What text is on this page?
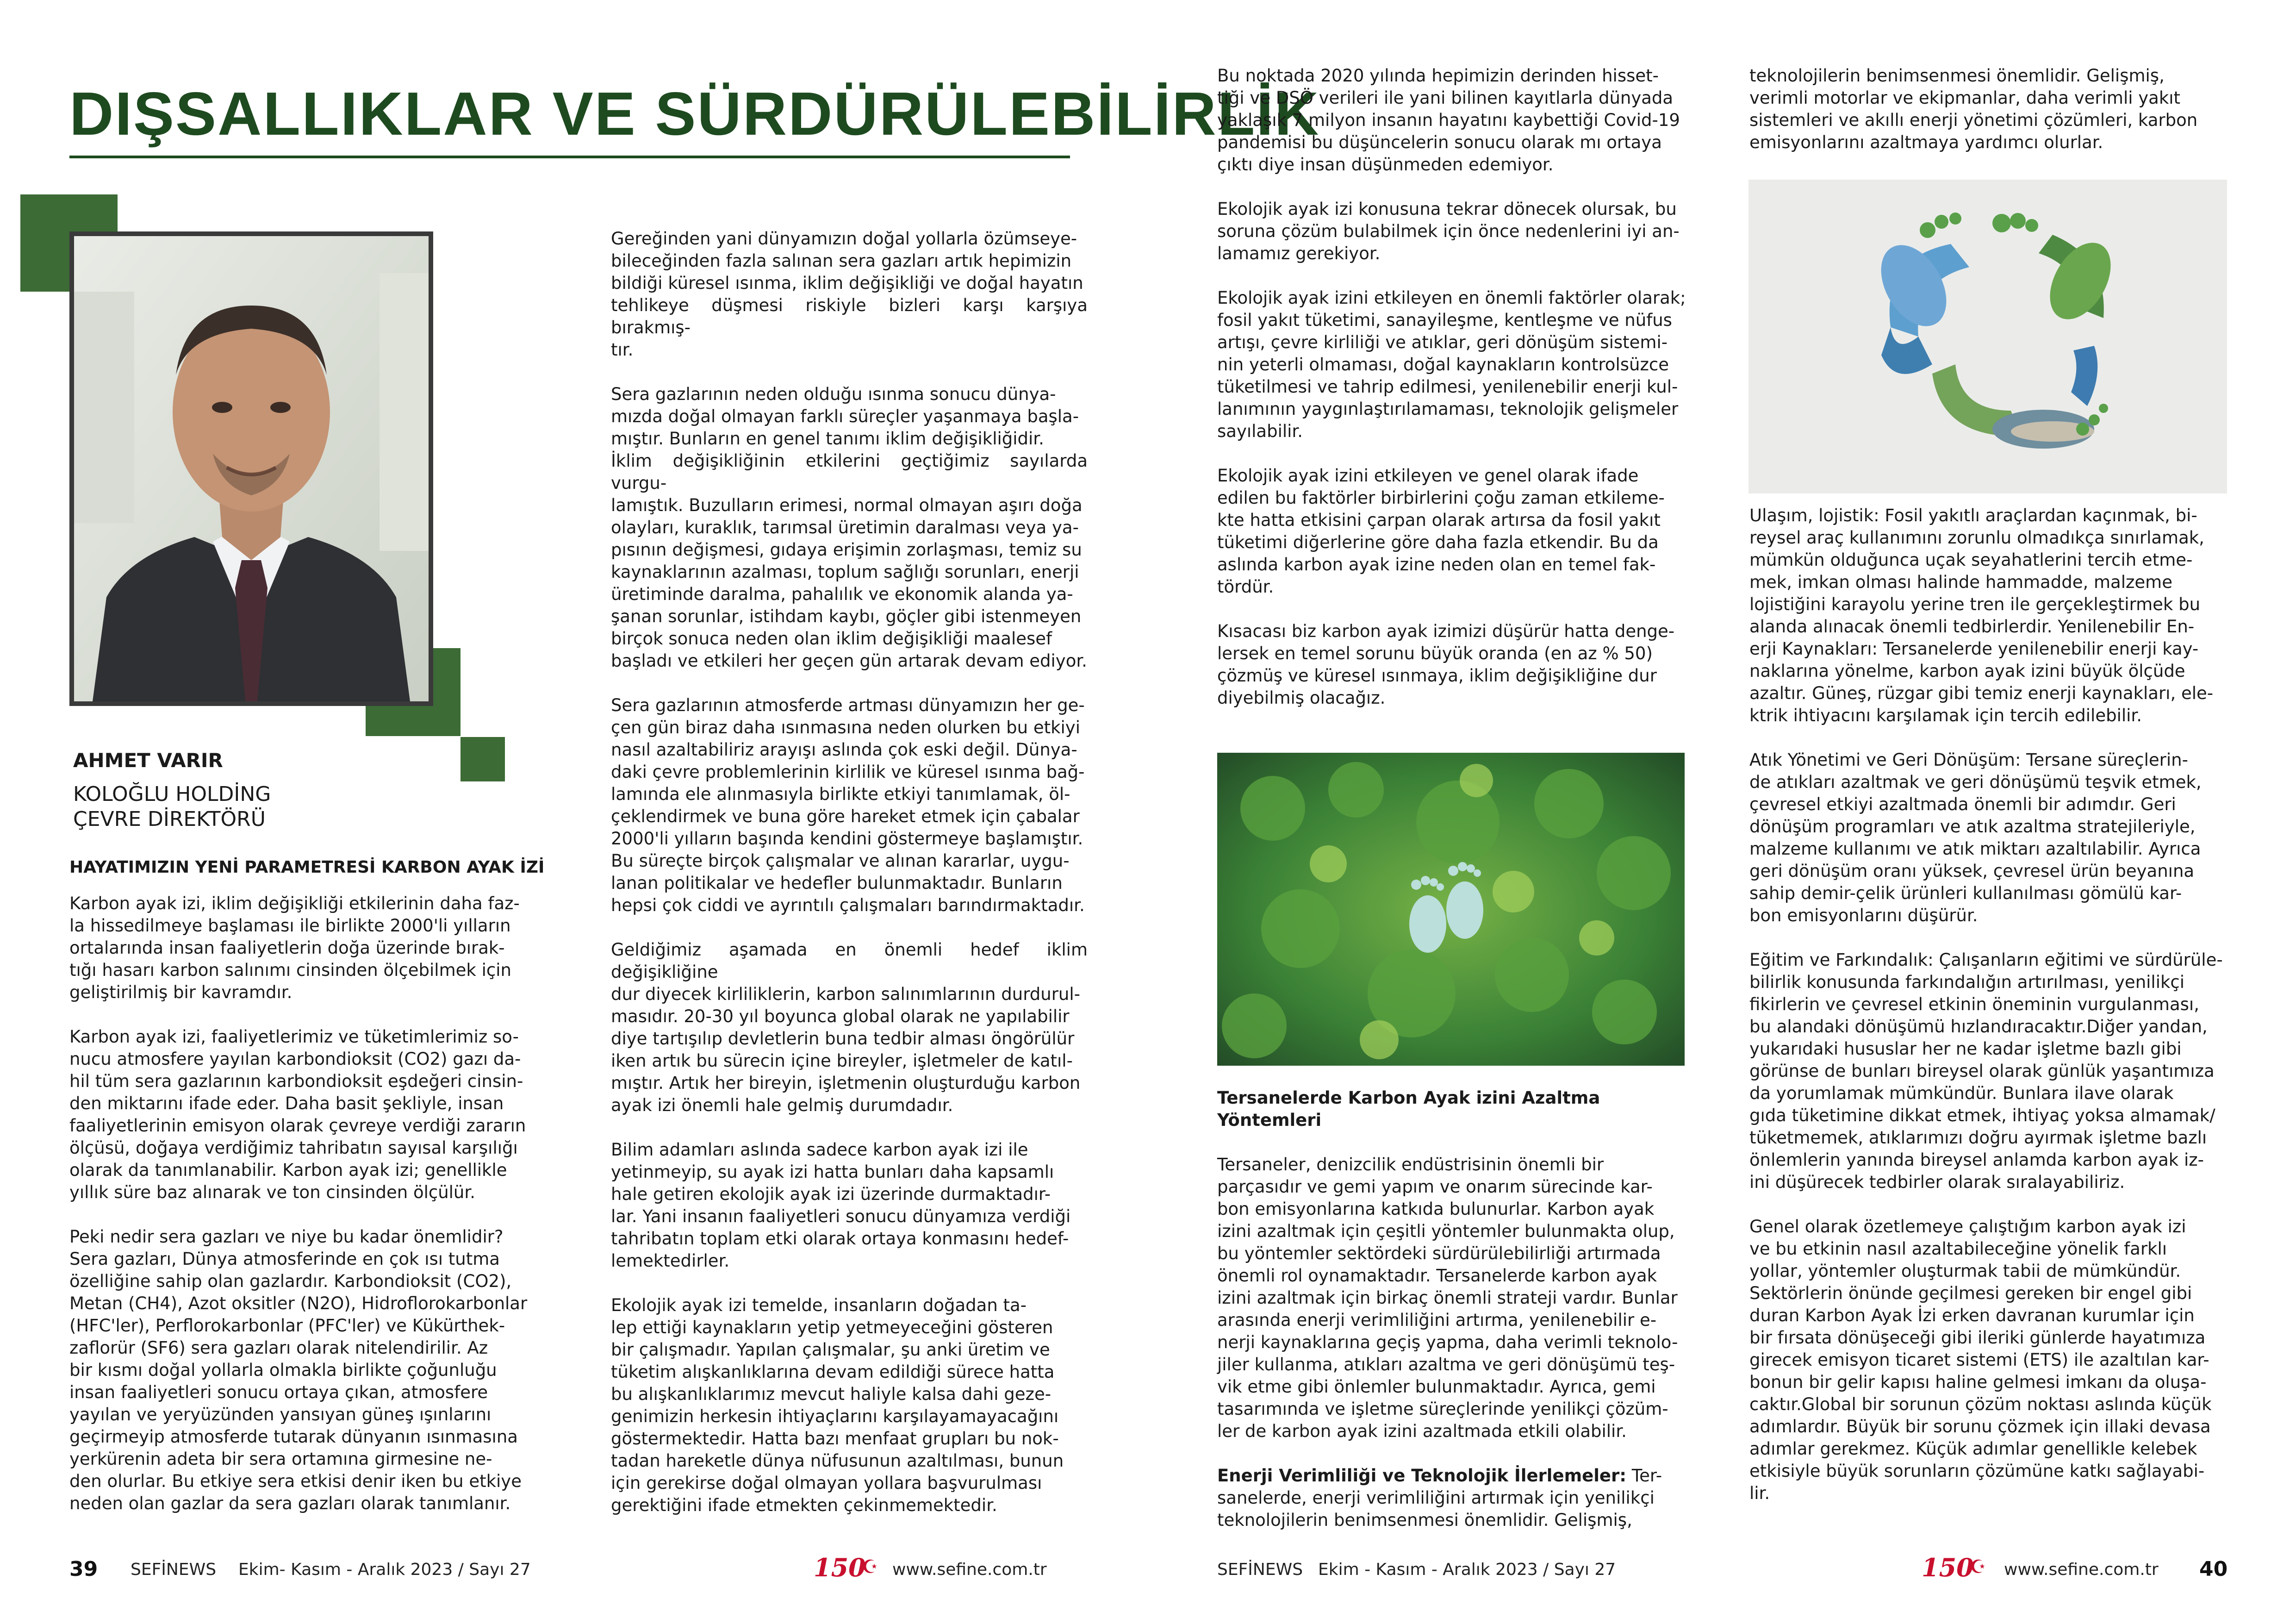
DIŞSALLIKLAR VE SÜRDÜRÜLEBİLİRLİK
AHMET VARIR
KOLOĞLU HOLDİNG
ÇEVRE DİREKTÖRÜ

HAYATIMIZIN YENİ PARAMETRESİ KARBON AYAK İZİ

Karbon ayak izi, iklim değişikliği etkilerinin daha faz-
la hissedilmeye başlaması ile birlikte 2000'li yılların
ortalarında insan faaliyetlerin doğa üzerinde bırak-
tığı hasarı karbon salınımı cinsinden ölçebilmek için
geliştirilmiş bir kavramdır.

Karbon ayak izi, faaliyetlerimiz ve tüketimlerimiz so-
nucu atmosfere yayılan karbondioksit (CO2) gazı da-
hil tüm sera gazlarının karbondioksit eşdeğeri cinsin-
den miktarını ifade eder. Daha basit şekliyle, insan
faaliyetlerinin emisyon olarak çevreye verdiği zararın
ölçüsü, doğaya verdiğimiz tahribatın sayısal karşılığı
olarak da tanımlanabilir. Karbon ayak izi; genellikle
yıllık süre baz alınarak ve ton cinsinden ölçülür.

Peki nedir sera gazları ve niye bu kadar önemlidir?
Sera gazları, Dünya atmosferinde en çok ısı tutma
özelliğine sahip olan gazlardır. Karbondioksit (CO2),
Metan (CH4), Azot oksitler (N2O), Hidroflorokarbonlar
(HFC'ler), Perflorokarbonlar (PFC'ler) ve Kükürthek-
zaflorür (SF6) sera gazları olarak nitelendirilir. Az
bir kısmı doğal yollarla olmakla birlikte çoğunluğu
insan faaliyetleri sonucu ortaya çıkan, atmosfere
yayılan ve yeryüzünden yansıyan güneş ışınlarını
geçirmeyip atmosferde tutarak dünyanın ısınmasına
yerkürenin adeta bir sera ortamına girmesine ne-
den olurlar. Bu etkiye sera etkisi denir iken bu etkiye
neden olan gazlar da sera gazları olarak tanımlanır.

Gereğinden yani dünyamızın doğal yollarla özümseye-
bileceğinden fazla salınan sera gazları artık hepimizin
bildiği küresel ısınma, iklim değişikliği ve doğal hayatın
tehlikeye düşmesi riskiyle bizleri karşı karşıya bırakmış-
tır.

Sera gazlarının neden olduğu ısınma sonucu dünya-
mızda doğal olmayan farklı süreçler yaşanmaya başla-
mıştır. Bunların en genel tanımı iklim değişikliğidir.
İklim değişikliğinin etkilerini geçtiğimiz sayılarda vurgu-
lamıştık. Buzulların erimesi, normal olmayan aşırı doğa
olayları, kuraklık, tarımsal üretimin daralması veya ya-
pısının değişmesi, gıdaya erişimin zorlaşması, temiz su
kaynaklarının azalması, toplum sağlığı sorunları, enerji
üretiminde daralma, pahalılık ve ekonomik alanda ya-
şanan sorunlar, istihdam kaybı, göçler gibi istenmeyen
birçok sonuca neden olan iklim değişikliği maalesef
başladı ve etkileri her geçen gün artarak devam ediyor.

Sera gazlarının atmosferde artması dünyamızın her ge-
çen gün biraz daha ısınmasına neden olurken bu etkiyi
nasıl azaltabiliriz arayışı aslında çok eski değil. Dünya-
daki çevre problemlerinin kirlilik ve küresel ısınma bağ-
lamında ele alınmasıyla birlikte etkiyi tanımlamak, öl-
çeklendirmek ve buna göre hareket etmek için çabalar
2000'li yılların başında kendini göstermeye başlamıştır.
Bu süreçte birçok çalışmalar ve alınan kararlar, uygu-
lanan politikalar ve hedefler bulunmaktadır. Bunların
hepsi çok ciddi ve ayrıntılı çalışmaları barındırmaktadır.

Geldiğimiz aşamada en önemli hedef iklim değişikliğine
dur diyecek kirliliklerin, karbon salınımlarının durdurul-
masıdır. 20-30 yıl boyunca global olarak ne yapılabilir
diye tartışılıp devletlerin buna tedbir alması öngörülür
iken artık bu sürecin içine bireyler, işletmeler de katıl-
mıştır. Artık her bireyin, işletmenin oluşturduğu karbon
ayak izi önemli hale gelmiş durumdadır.

Bilim adamları aslında sadece karbon ayak izi ile
yetinmeyip, su ayak izi hatta bunları daha kapsamlı
hale getiren ekolojik ayak izi üzerinde durmaktadır-
lar. Yani insanın faaliyetleri sonucu dünyamıza verdiği
tahribatın toplam etki olarak ortaya konmasını hedef-
lemektedirler.

Ekolojik ayak izi temelde, insanların doğadan ta-
lep ettiği kaynakların yetip yetmeyeceğini gösteren
bir çalışmadır. Yapılan çalışmalar, şu anki üretim ve
tüketim alışkanlıklarına devam edildiği sürece hatta
bu alışkanlıklarımız mevcut haliyle kalsa dahi geze-
genimizin herkesin ihtiyaçlarını karşılayamayacağını
göstermektedir. Hatta bazı menfaat grupları bu nok-
tadan hareketle dünya nüfusunun azaltılması, bunun
için gerekirse doğal olmayan yollara başvurulması
gerektiğini ifade etmekten çekinmemektedir.

39 SEFİNEWS Ekim- Kasım - Aralık 2023 / Sayı 27	150
☪ www.sefine.com.tr

Bu noktada 2020 yılında hepimizin derinden hisset-
tiği ve DSÖ verileri ile yani bilinen kayıtlarla dünyada
yaklaşık 7 milyon insanın hayatını kaybettiği Covid-19
pandemisi bu düşüncelerin sonucu olarak mı ortaya
çıktı diye insan düşünmeden edemiyor.

Ekolojik ayak izi konusuna tekrar dönecek olursak, bu
soruna çözüm bulabilmek için önce nedenlerini iyi an-
lamamız gerekiyor.

Ekolojik ayak izini etkileyen en önemli faktörler olarak;
fosil yakıt tüketimi, sanayileşme, kentleşme ve nüfus
artışı, çevre kirliliği ve atıklar, geri dönüşüm sistemi-
nin yeterli olmaması, doğal kaynakların kontrolsüzce
tüketilmesi ve tahrip edilmesi, yenilenebilir enerji kul-
lanımının yaygınlaştırılamaması, teknolojik gelişmeler
sayılabilir.

Ekolojik ayak izini etkileyen ve genel olarak ifade
edilen bu faktörler birbirlerini çoğu zaman etkileme-
kte hatta etkisini çarpan olarak artırsa da fosil yakıt
tüketimi diğerlerine göre daha fazla etkendir. Bu da
aslında karbon ayak izine neden olan en temel fak-
tördür.

Kısacası biz karbon ayak izimizi düşürür hatta denge-
lersek en temel sorunu büyük oranda (en az % 50)
çözmüş ve küresel ısınmaya, iklim değişikliğine dur
diyebilmiş olacağız.

Tersanelerde Karbon Ayak izini Azaltma
Yöntemleri

Tersaneler, denizcilik endüstrisinin önemli bir
parçasıdır ve gemi yapım ve onarım sürecinde kar-
bon emisyonlarına katkıda bulunurlar. Karbon ayak
izini azaltmak için çeşitli yöntemler bulunmakta olup,
bu yöntemler sektördeki sürdürülebilirliği artırmada
önemli rol oynamaktadır. Tersanelerde karbon ayak
izini azaltmak için birkaç önemli strateji vardır. Bunlar
arasında enerji verimliliğini artırma, yenilenebilir e-
nerji kaynaklarına geçiş yapma, daha verimli teknolo-
jiler kullanma, atıkları azaltma ve geri dönüşümü teş-
vik etme gibi önlemler bulunmaktadır. Ayrıca, gemi
tasarımında ve işletme süreçlerinde yenilikçi çözüm-
ler de karbon ayak izini azaltmada etkili olabilir.

Enerji Verimliliği ve Teknolojik İlerlemeler: Ter-
sanelerde, enerji verimliliğini artırmak için yenilikçi
teknolojilerin benimsenmesi önemlidir. Gelişmiş,

teknolojilerin benimsenmesi önemlidir. Gelişmiş,
verimli motorlar ve ekipmanlar, daha verimli yakıt
sistemleri ve akıllı enerji yönetimi çözümleri, karbon
emisyonlarını azaltmaya yardımcı olurlar.

Ulaşım, lojistik: Fosil yakıtlı araçlardan kaçınmak, bi-
reysel araç kullanımını zorunlu olmadıkça sınırlamak,
mümkün olduğunca uçak seyahatlerini tercih etme-
mek, imkan olması halinde hammadde, malzeme
lojistiğini karayolu yerine tren ile gerçekleştirmek bu
alanda alınacak önemli tedbirlerdir. Yenilenebilir En-
erji Kaynakları: Tersanelerde yenilenebilir enerji kay-
naklarına yönelme, karbon ayak izini büyük ölçüde
azaltır. Güneş, rüzgar gibi temiz enerji kaynakları, ele-
ktrik ihtiyacını karşılamak için tercih edilebilir.

Atık Yönetimi ve Geri Dönüşüm: Tersane süreçlerin-
de atıkları azaltmak ve geri dönüşümü teşvik etmek,
çevresel etkiyi azaltmada önemli bir adımdır. Geri
dönüşüm programları ve atık azaltma stratejileriyle,
malzeme kullanımı ve atık miktarı azaltılabilir. Ayrıca
geri dönüşüm oranı yüksek, çevresel ürün beyanına
sahip demir-çelik ürünleri kullanılması gömülü kar-
bon emisyonlarını düşürür.

Eğitim ve Farkındalık: Çalışanların eğitimi ve sürdürüle-
bilirlik konusunda farkındalığın artırılması, yenilikçi
fikirlerin ve çevresel etkinin öneminin vurgulanması,
bu alandaki dönüşümü hızlandıracaktır.Diğer yandan,
yukarıdaki hususlar her ne kadar işletme bazlı gibi
görünse de bunları bireysel olarak günlük yaşantımıza
da yorumlamak mümkündür. Bunlara ilave olarak
gıda tüketimine dikkat etmek, ihtiyaç yoksa almamak/
tüketmemek, atıklarımızı doğru ayırmak işletme bazlı
önlemlerin yanında bireysel anlamda karbon ayak iz-
ini düşürecek tedbirler olarak sıralayabiliriz.

Genel olarak özetlemeye çalıştığım karbon ayak izi
ve bu etkinin nasıl azaltabileceğine yönelik farklı
yollar, yöntemler oluşturmak tabii de mümkündür.
Sektörlerin önünde geçilmesi gereken bir engel gibi
duran Karbon Ayak İzi erken davranan kurumlar için
bir fırsata dönüşeceği gibi ileriki günlerde hayatımıza
girecek emisyon ticaret sistemi (ETS) ile azaltılan kar-
bonun bir gelir kapısı haline gelmesi imkanı da oluşa-
caktır.Global bir sorunun çözüm noktası aslında küçük
adımlardır. Büyük bir sorunu çözmek için illaki devasa
adımlar gerekmez. Küçük adımlar genellikle kelebek
etkisiyle büyük sorunların çözümüne katkı sağlayabi-
lir.

SEFİNEWS Ekim - Kasım - Aralık 2023 / Sayı 27	150
☪ www.sefine.com.tr 40
